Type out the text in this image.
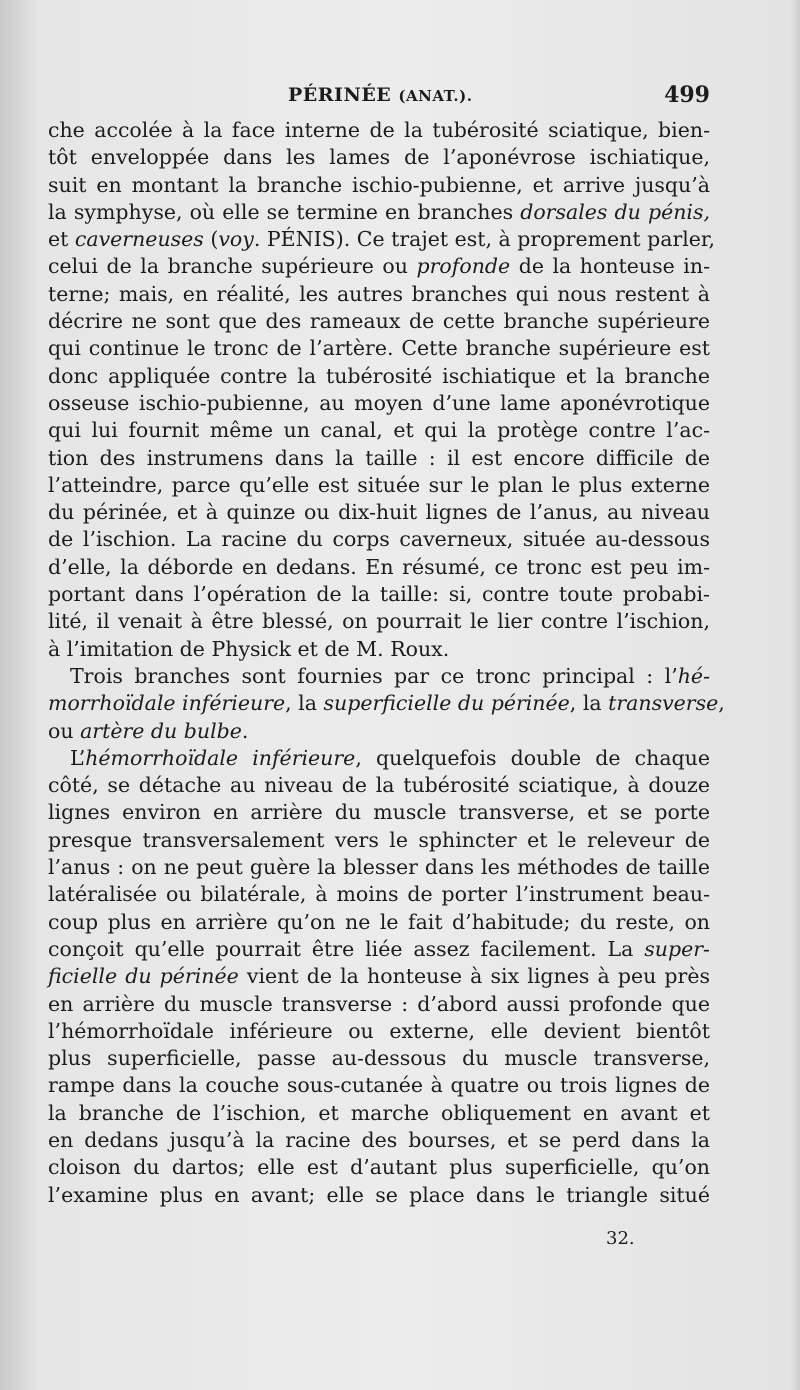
PÉRINÉE (ANAT.).	499
che accolée à la face interne de la tubérosité sciatique, bien-
tôt enveloppée dans les lames de l’aponévrose ischiatique,
suit en montant la branche ischio-pubienne, et arrive jusqu’à
la symphyse, où elle se termine en branches dorsales du pénis,
et caverneuses (voy. PÉNIS). Ce trajet est, à proprement parler,
celui de la branche supérieure ou profonde de la honteuse in-
terne; mais, en réalité, les autres branches qui nous restent à
décrire ne sont que des rameaux de cette branche supérieure
qui continue le tronc de l’artère. Cette branche supérieure est
donc appliquée contre la tubérosité ischiatique et la branche
osseuse ischio-pubienne, au moyen d’une lame aponévrotique
qui lui fournit même un canal, et qui la protège contre l’ac-
tion des instrumens dans la taille : il est encore difficile de
l’atteindre, parce qu’elle est située sur le plan le plus externe
du périnée, et à quinze ou dix-huit lignes de l’anus, au niveau
de l’ischion. La racine du corps caverneux, située au-dessous
d’elle, la déborde en dedans. En résumé, ce tronc est peu im-
portant dans l’opération de la taille: si, contre toute probabi-
lité, il venait à être blessé, on pourrait le lier contre l’ischion,
à l’imitation de Physick et de M. Roux.
Trois branches sont fournies par ce tronc principal : l’hé-
morrhoïdale inférieure, la superficielle du périnée, la transverse,
ou artère du bulbe.
L’hémorrhoïdale inférieure, quelquefois double de chaque
côté, se détache au niveau de la tubérosité sciatique, à douze
lignes environ en arrière du muscle transverse, et se porte
presque transversalement vers le sphincter et le releveur de
l’anus : on ne peut guère la blesser dans les méthodes de taille
latéralisée ou bilatérale, à moins de porter l’instrument beau-
coup plus en arrière qu’on ne le fait d’habitude; du reste, on
conçoit qu’elle pourrait être liée assez facilement. La super-
ficielle du périnée vient de la honteuse à six lignes à peu près
en arrière du muscle transverse : d’abord aussi profonde que
l’hémorrhoïdale inférieure ou externe, elle devient bientôt
plus superficielle, passe au-dessous du muscle transverse,
rampe dans la couche sous-cutanée à quatre ou trois lignes de
la branche de l’ischion, et marche obliquement en avant et
en dedans jusqu’à la racine des bourses, et se perd dans la
cloison du dartos; elle est d’autant plus superficielle, qu’on
l’examine plus en avant; elle se place dans le triangle situé
32.
